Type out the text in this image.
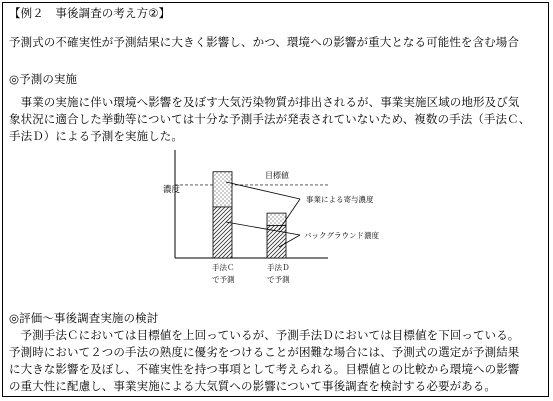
【例２　事後調査の考え方②】
予測式の不確実性が予測結果に大きく影響し、かつ、環境への影響が重大となる可能性を含む場合
◎予測の実施
　事業の実施に伴い環境へ影響を及ぼす大気汚染物質が排出されるが、事業実施区域の地形及び気
象状況に適合した挙動等については十分な予測手法が発表されていないため、複数の手法（手法Ｃ、
手法Ｄ）による予測を実施した。
濃度
目標値
事業による寄与濃度
バックグラウンド濃度
手法Ｃ
で予測
手法Ｄ
で予測
◎評価～事後調査実施の検討
　予測手法Ｃにおいては目標値を上回っているが、予測手法Ｄにおいては目標値を下回っている。
予測時において２つの手法の熟度に優劣をつけることが困難な場合には、予測式の選定が予測結果
に大きな影響を及ぼし、不確実性を持つ事項として考えられる。目標値との比較から環境への影響
の重大性に配慮し、事業実施による大気質への影響について事後調査を検討する必要がある。
